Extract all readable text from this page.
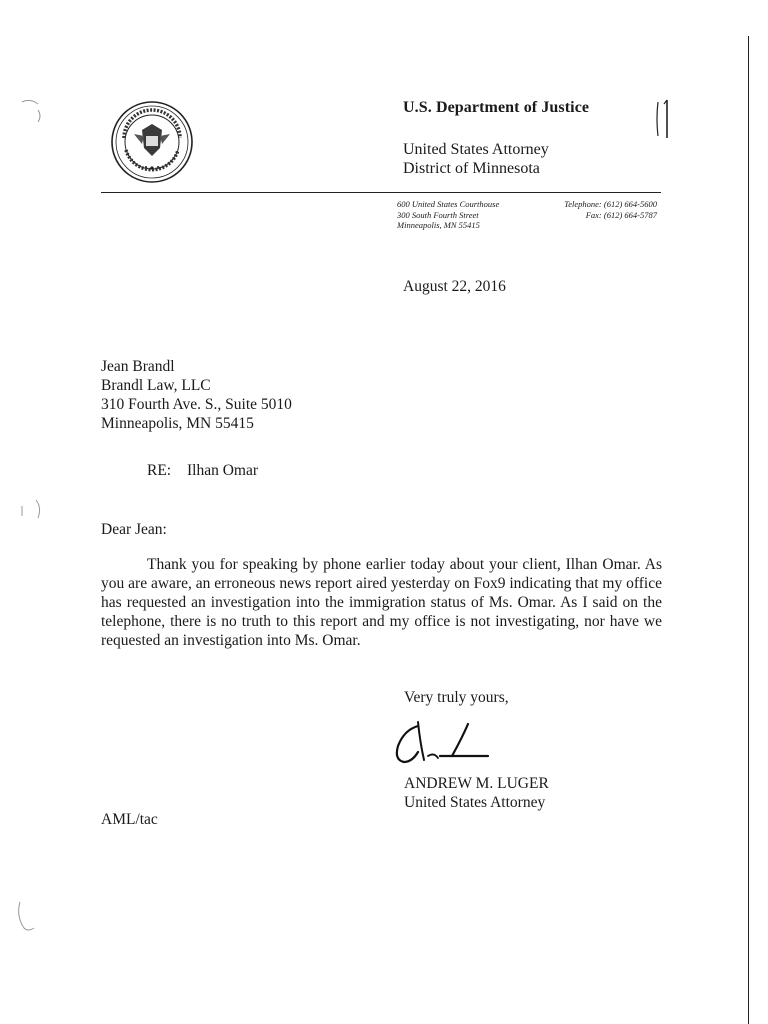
U.S. Department of Justice
United States Attorney
District of Minnesota
600 United States Courthouse
300 South Fourth Street
Minneapolis, MN 55415
Telephone: (612) 664-5600
Fax: (612) 664-5787
August 22, 2016
Jean Brandl
Brandl Law, LLC
310 Fourth Ave. S., Suite 5010
Minneapolis, MN 55415
RE: Ilhan Omar
Dear Jean:
Thank you for speaking by phone earlier today about your client, Ilhan Omar. As you are aware, an erroneous news report aired yesterday on Fox9 indicating that my office has requested an investigation into the immigration status of Ms. Omar. As I said on the telephone, there is no truth to this report and my office is not investigating, nor have we requested an investigation into Ms. Omar.
Very truly yours,
ANDREW M. LUGER
United States Attorney
AML/tac
